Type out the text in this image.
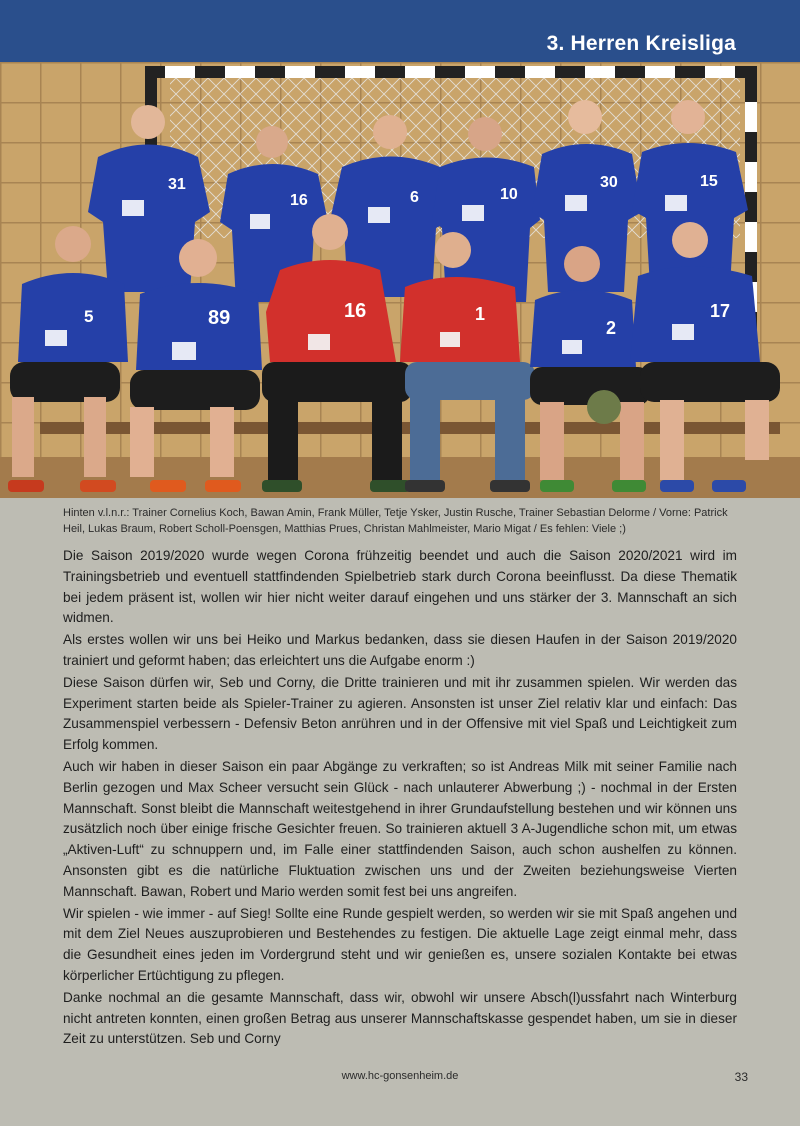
3. Herren Kreisliga
31
16	6	10
30	15
5	89	16	1
2
17
Hinten v.l.n.r.: Trainer Cornelius Koch, Bawan Amin, Frank Müller, Tetje Ysker, Justin Rusche, Trainer Sebastian Delorme / Vorne: Patrick Heil, Lukas Braum, Robert Scholl-Poensgen, Matthias Prues, Christan Mahlmeister, Mario Migat / Es fehlen: Viele ;)

Die Saison 2019/2020 wurde wegen Corona frühzeitig beendet und auch die Saison 2020/2021 wird im Trainingsbetrieb und eventuell stattfindenden Spielbetrieb stark durch Corona beeinflusst. Da diese Thematik bei jedem präsent ist, wollen wir hier nicht weiter darauf eingehen und uns stärker der 3. Mannschaft an sich widmen.

Als erstes wollen wir uns bei Heiko und Markus bedanken, dass sie diesen Haufen in der Saison 2019/2020 trainiert und geformt haben; das erleichtert uns die Aufgabe enorm :)

Diese Saison dürfen wir, Seb und Corny, die Dritte trainieren und mit ihr zusammen spielen. Wir werden das Experiment starten beide als Spieler-Trainer zu agieren. Ansonsten ist unser Ziel relativ klar und einfach: Das Zusammenspiel verbessern - Defensiv Beton anrühren und in der Offensive mit viel Spaß und Leichtigkeit zum Erfolg kommen.

Auch wir haben in dieser Saison ein paar Abgänge zu verkraften; so ist Andreas Milk mit seiner Familie nach Berlin gezogen und Max Scheer versucht sein Glück - nach unlauterer Abwerbung ;) - nochmal in der Ersten Mannschaft. Sonst bleibt die Mannschaft weitestgehend in ihrer Grundaufstellung bestehen und wir können uns zusätzlich noch über einige frische Gesichter freuen. So trainieren aktuell 3 A-Jugendliche schon mit, um etwas „Aktiven-Luft“ zu schnuppern und, im Falle einer stattfindenden Saison, auch schon aushelfen zu können. Ansonsten gibt es die natürliche Fluktuation zwischen uns und der Zweiten beziehungsweise Vierten Mannschaft. Bawan, Robert und Mario werden somit fest bei uns angreifen.

Wir spielen - wie immer - auf Sieg! Sollte eine Runde gespielt werden, so werden wir sie mit Spaß angehen und mit dem Ziel Neues auszuprobieren und Bestehendes zu festigen. Die aktuelle Lage zeigt einmal mehr, dass die Gesundheit eines jeden im Vordergrund steht und wir genießen es, unsere sozialen Kontakte bei etwas körperlicher Ertüchtigung zu pflegen.

Danke nochmal an die gesamte Mannschaft, dass wir, obwohl wir unsere Absch(l)ussfahrt nach Winterburg nicht antreten konnten, einen großen Betrag aus unserer Mannschaftskasse gespendet haben, um sie in dieser Zeit zu unterstützen. Seb und Corny

www.hc-gonsenheim.de	33
